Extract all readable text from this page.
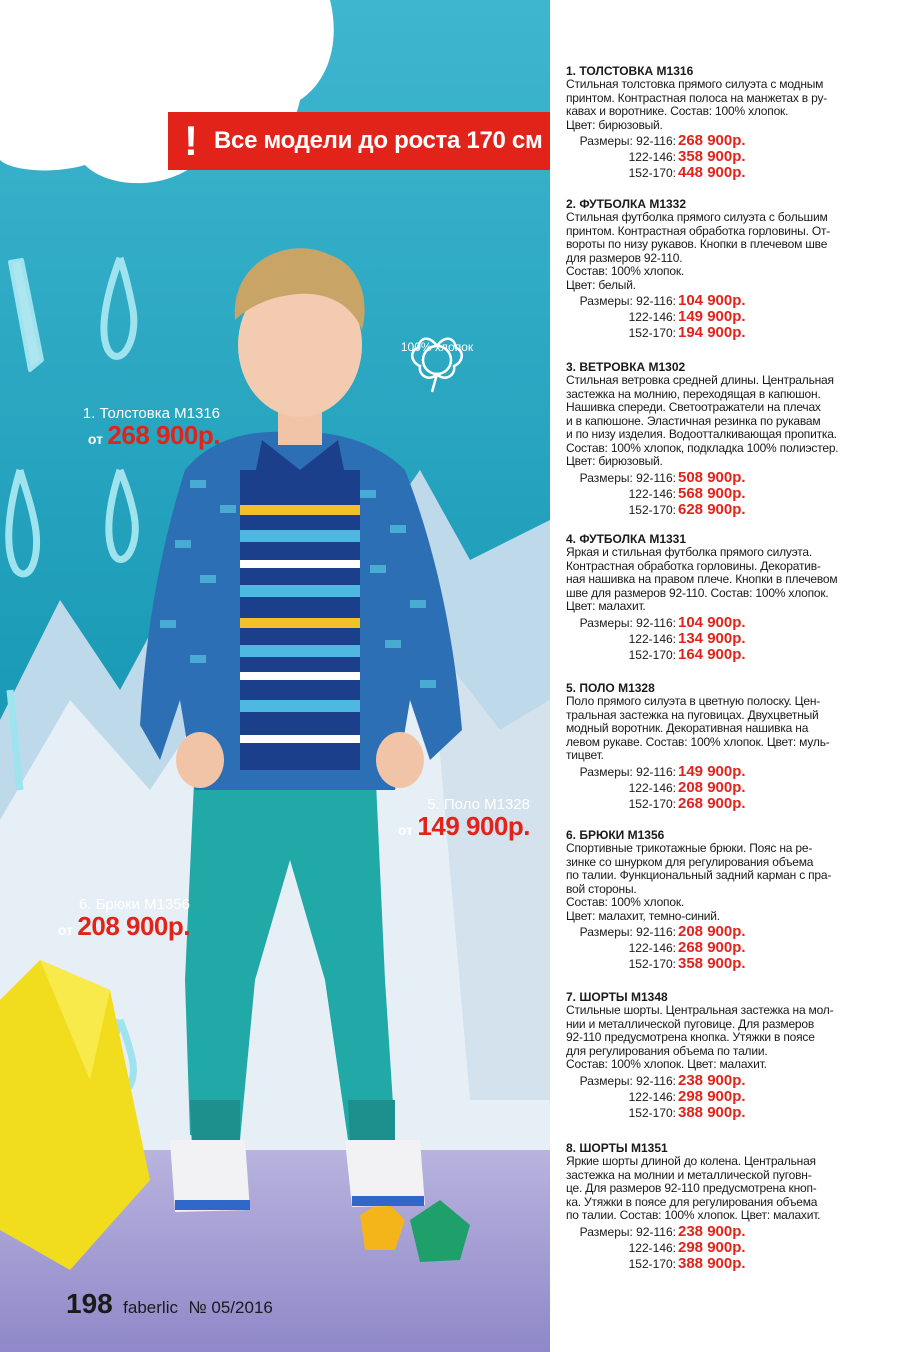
! Все модели до роста 170 см
100% хлопок
1. Толстовка М1316
от 268 900р.
5. Поло М1328
от 149 900р.
6. Брюки М1356
от 208 900р.
198 faberlic № 05/2016
1. ТОЛСТОВКА М1316
Стильная толстовка прямого силуэта с модным
принтом. Контрастная полоса на манжетах в ру-
кавах и воротнике. Состав: 100% хлопок.
Цвет: бирюзовый.
Размеры: 92-116: 268 900р.
122-146: 358 900р.
152-170: 448 900р.
2. ФУТБОЛКА М1332
Стильная футболка прямого силуэта с большим
принтом. Контрастная обработка горловины. От-
вороты по низу рукавов. Кнопки в плечевом шве
для размеров 92-110.
Состав: 100% хлопок.
Цвет: белый.
Размеры: 92-116: 104 900р.
122-146: 149 900р.
152-170: 194 900р.
3. ВЕТРОВКА М1302
Стильная ветровка средней длины. Центральная
застежка на молнию, переходящая в капюшон.
Нашивка спереди. Светоотражатели на плечах
и в капюшоне. Эластичная резинка по рукавам
и по низу изделия. Водоотталкивающая пропитка.
Состав: 100% хлопок, подкладка 100% полиэстер.
Цвет: бирюзовый.
Размеры: 92-116: 508 900р.
122-146: 568 900р.
152-170: 628 900р.
4. ФУТБОЛКА М1331
Яркая и стильная футболка прямого силуэта.
Контрастная обработка горловины. Декоратив-
ная нашивка на правом плече. Кнопки в плечевом
шве для размеров 92-110. Состав: 100% хлопок.
Цвет: малахит.
Размеры: 92-116: 104 900р.
122-146: 134 900р.
152-170: 164 900р.
5. ПОЛО М1328
Поло прямого силуэта в цветную полоску. Цен-
тральная застежка на пуговицах. Двухцветный
модный воротник. Декоративная нашивка на
левом рукаве. Состав: 100% хлопок. Цвет: муль-
тицвет.
Размеры: 92-116: 149 900р.
122-146: 208 900р.
152-170: 268 900р.
6. БРЮКИ М1356
Спортивные трикотажные брюки. Пояс на ре-
зинке со шнурком для регулирования объема
по талии. Функциональный задний карман с пра-
вой стороны.
Состав: 100% хлопок.
Цвет: малахит, темно-синий.
Размеры: 92-116: 208 900р.
122-146: 268 900р.
152-170: 358 900р.
7. ШОРТЫ М1348
Стильные шорты. Центральная застежка на мол-
нии и металлической пуговице. Для размеров
92-110 предусмотрена кнопка. Утяжки в поясе
для регулирования объема по талии.
Состав: 100% хлопок. Цвет: малахит.
Размеры: 92-116: 238 900р.
122-146: 298 900р.
152-170: 388 900р.
8. ШОРТЫ М1351
Яркие шорты длиной до колена. Центральная
застежка на молнии и металлической пуговн-
це. Для размеров 92-110 предусмотрена кноп-
ка. Утяжки в поясе для регулирования объема
по талии. Состав: 100% хлопок. Цвет: малахит.
Размеры: 92-116: 238 900р.
122-146: 298 900р.
152-170: 388 900р.
